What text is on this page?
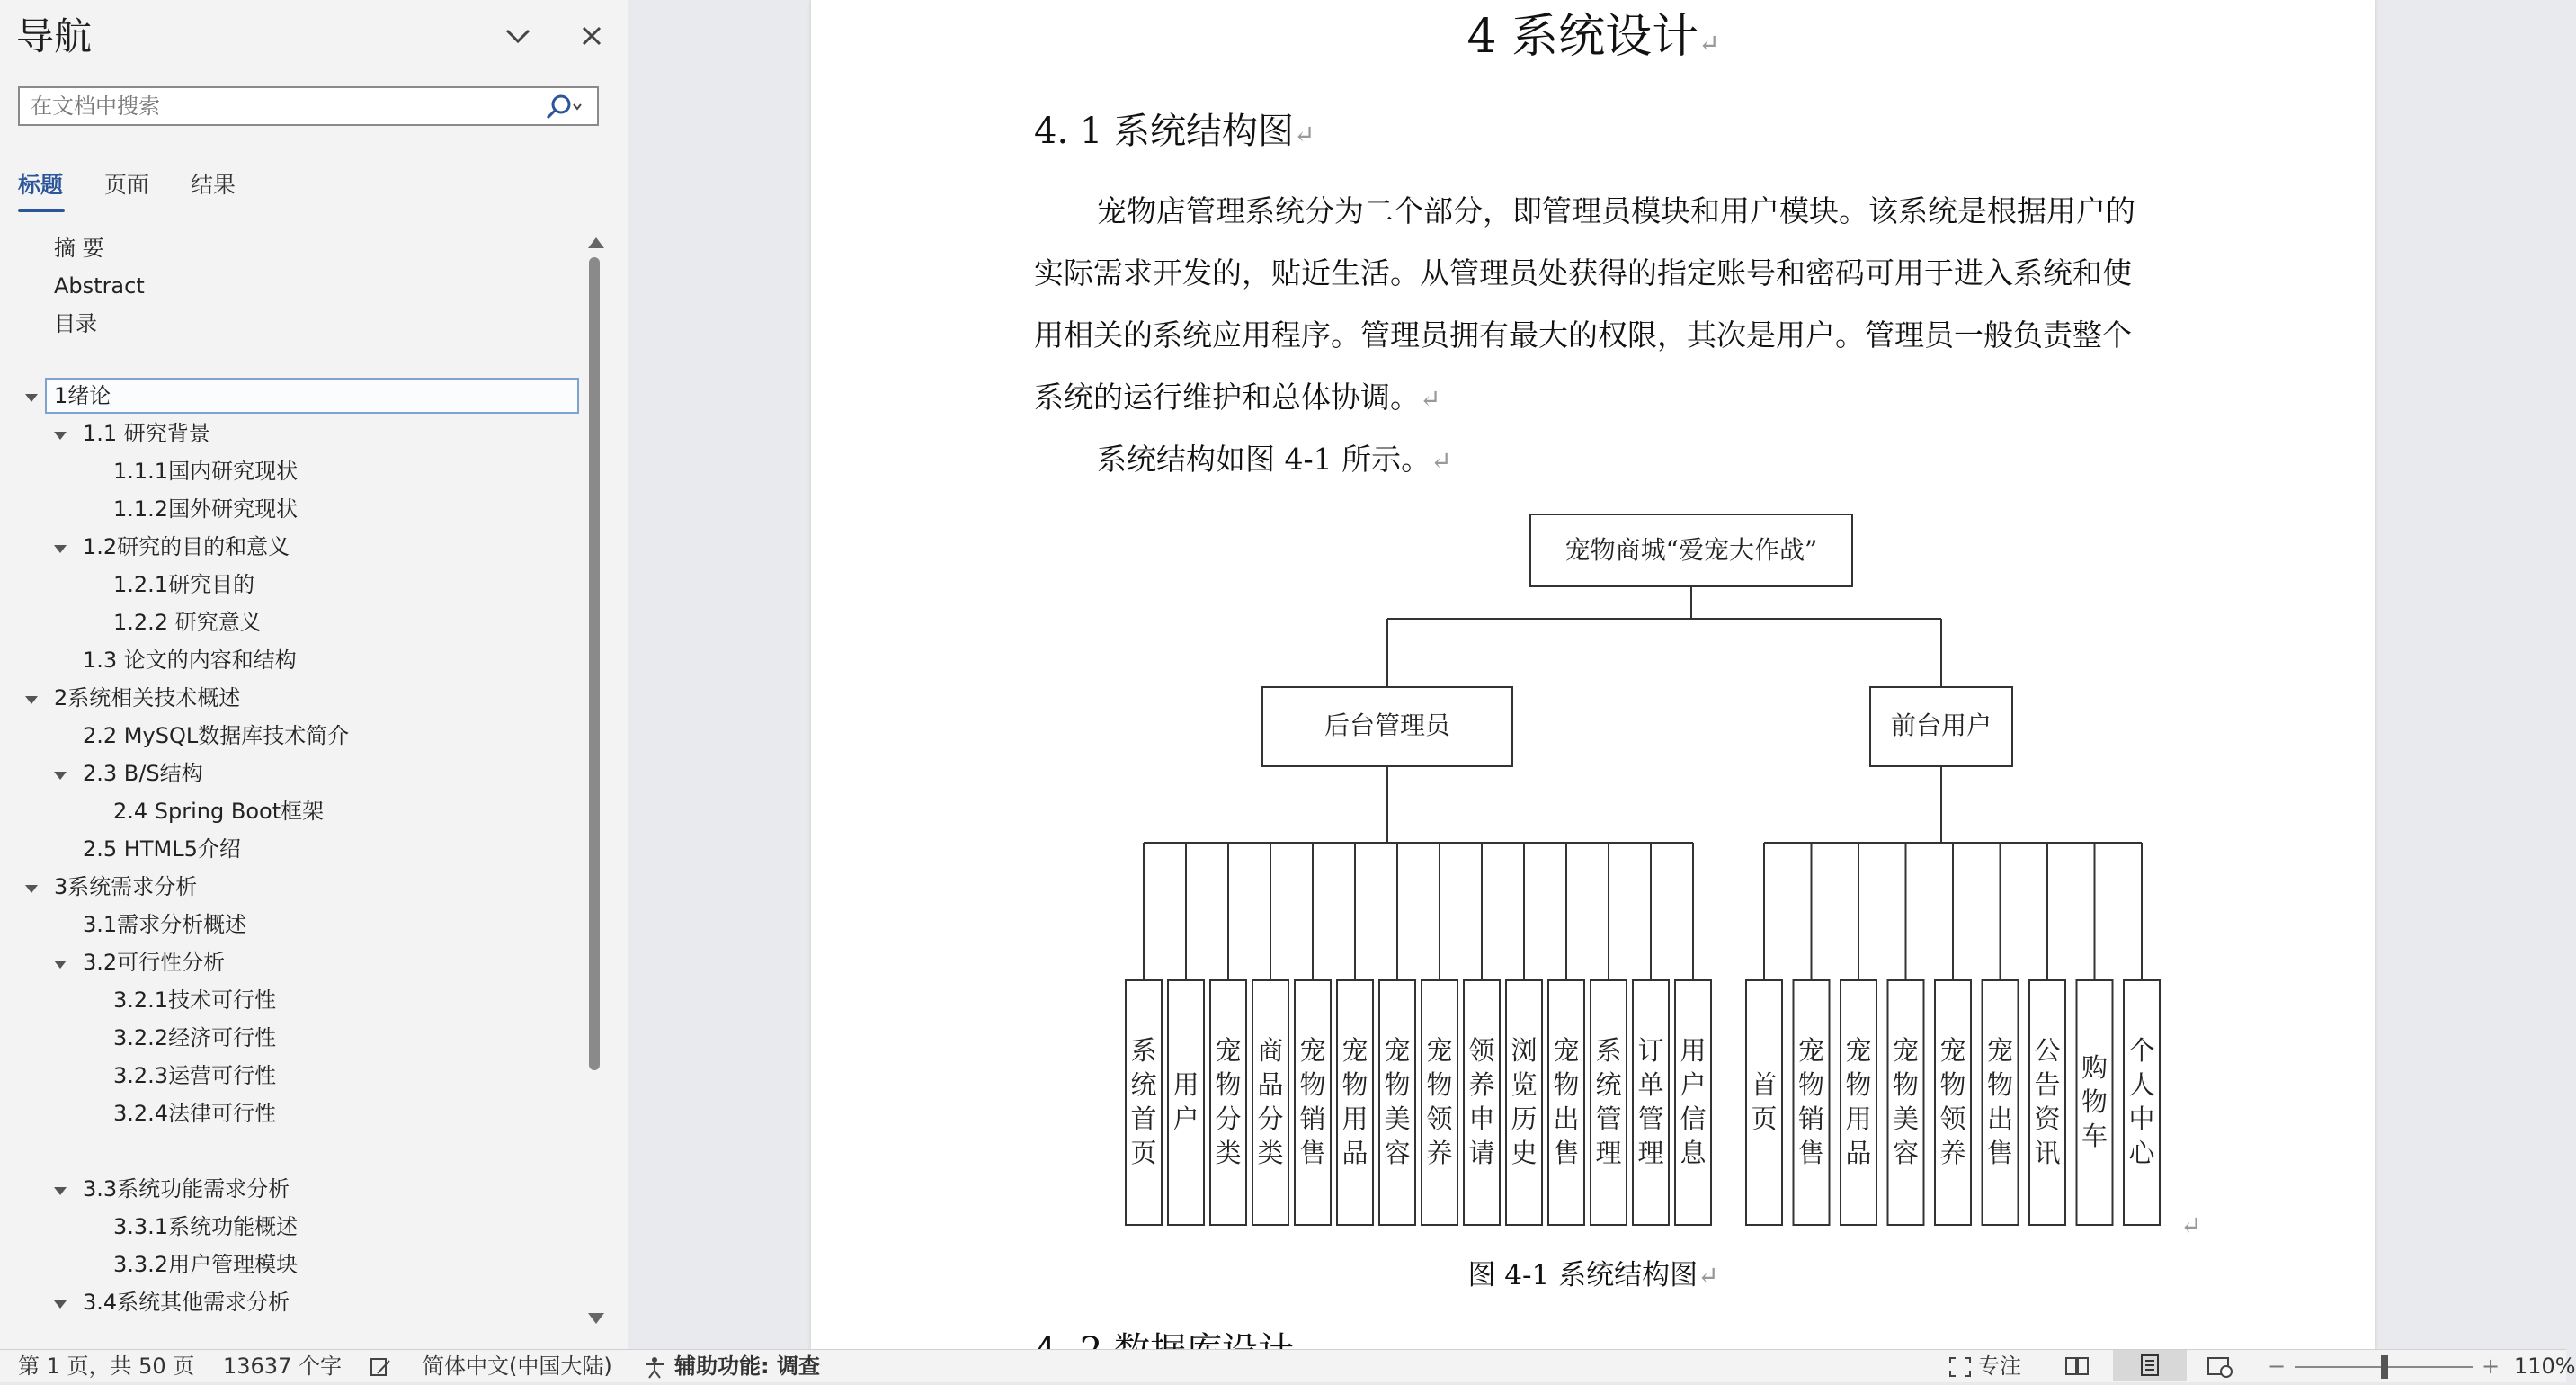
导航
在文档中搜索
标题 页面 结果
摘 要
Abstract
目录
1绪论
1.1 研究背景
1.1.1国内研究现状
1.1.2国外研究现状
1.2研究的目的和意义
1.2.1研究目的
1.2.2 研究意义
1.3 论文的内容和结构
2系统相关技术概述
2.2 MySQL数据库技术简介
2.3 B/S结构
2.4 Spring Boot框架
2.5 HTML5介绍
3系统需求分析
3.1需求分析概述
3.2可行性分析
3.2.1技术可行性
3.2.2经济可行性
3.2.3运营可行性
3.2.4法律可行性
3.3系统功能需求分析
3.3.1系统功能概述
3.3.2用户管理模块
3.4系统其他需求分析
4 系统设计↵
4. 1 系统结构图↵
宠物店管理系统分为二个部分，即管理员模块和用户模块。该系统是根据用户的
实际需求开发的，贴近生活。从管理员处获得的指定账号和密码可用于进入系统和使
用相关的系统应用程序。管理员拥有最大的权限，其次是用户。管理员一般负责整个
系统的运行维护和总体协调。↵
系统结构如图 4-1 所示。↵
宠物商城“爱宠大作战”
后台管理员	前台用户
系
统
首
页
用
户
宠
物
分
类
商
品
分
类
宠
物
销
售
宠
物
用
品
宠
物
美
容
宠
物
领
养
领
养
申
请
浏
览
历
史
宠
物
出
售
系
统
管
理
订
单
管
理
用
户
信
息
首
页
宠
物
销
售
宠
物
用
品
宠
物
美
容
宠
物
领
养
宠
物
出
售
公
告
资
讯
购
物
车
个
人
中
心
↵
图 4-1 系统结构图↵
第 1 页，共 50 页 13637 个字	简体中文(中国大陆)	辅助功能: 调查	专注	−	+ 110%
